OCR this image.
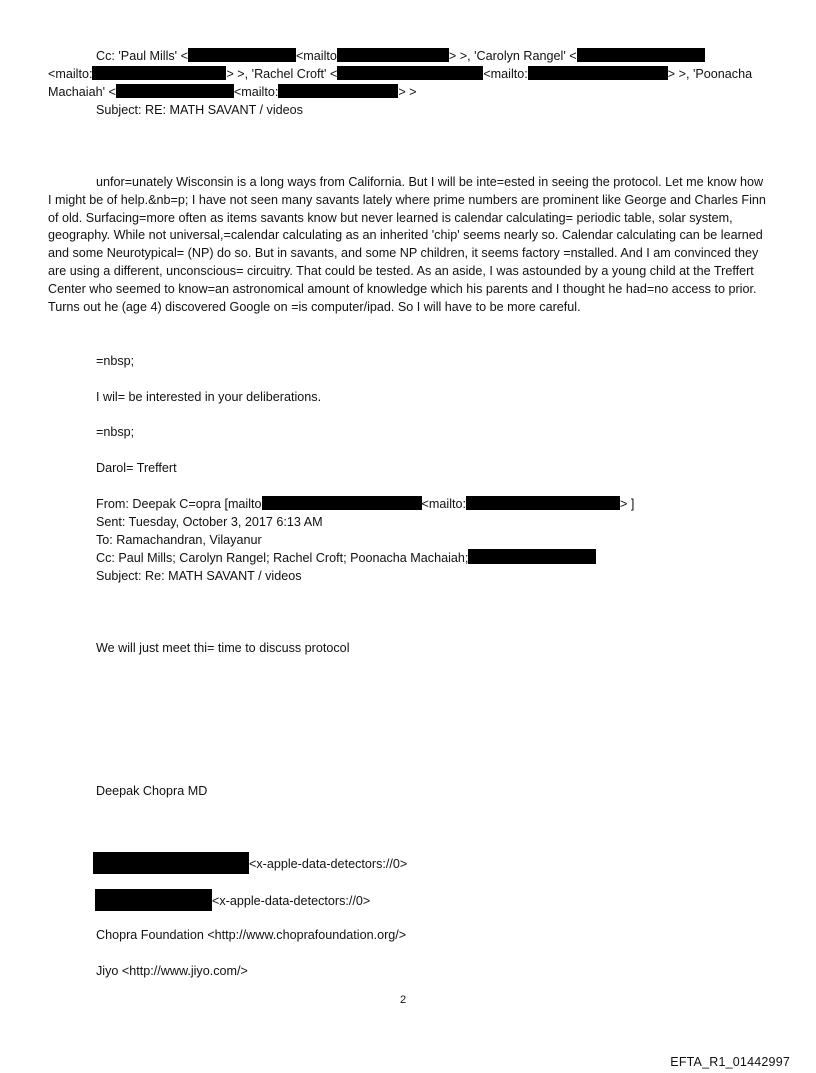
Cc: 'Paul Mills' <	<mailto	> >, 'Carolyn Rangel' <
<mailto:	> >, 'Rachel Croft' <	<mailto:	> >, 'Poonacha
Machaiah' <	<mailto:	> >
Subject: RE: MATH SAVANT / videos
unfor=unately Wisconsin is a long ways from California. But I will be inte=ested in seeing the protocol. Let me know how I might be of help.&nb=p; I have not seen many savants lately where prime numbers are prominent like George and Charles Finn of old. Surfacing=more often as items savants know but never learned is calendar calculating= periodic table, solar system, geography. While not universal,=calendar calculating as an inherited 'chip' seems nearly so. Calendar calculating can be learned and some Neurotypical= (NP) do so. But in savants, and some NP children, it seems factory =nstalled. And I am convinced they are using a different, unconscious= circuitry. That could be tested. As an aside, I was astounded by a young child at the Treffert Center who seemed to know=an astronomical amount of knowledge which his parents and I thought he had=no access to prior. Turns out he (age 4) discovered Google on =is computer/ipad. So I will have to be more careful.
=nbsp;
I wil= be interested in your deliberations.
=nbsp;
Darol= Treffert
From: Deepak C=opra [mailto	<mailto:	> ]
Sent: Tuesday, October 3, 2017 6:13 AM
To: Ramachandran, Vilayanur
Cc: Paul Mills; Carolyn Rangel; Rachel Croft; Poonacha Machaiah;
Subject: Re: MATH SAVANT / videos
We will just meet thi= time to discuss protocol
Deepak Chopra MD
<x-apple-data-detectors://0>
<x-apple-data-detectors://0>
Chopra Foundation <http://www.choprafoundation.org/>
Jiyo <http://www.jiyo.com/>
2
EFTA_R1_01442997
